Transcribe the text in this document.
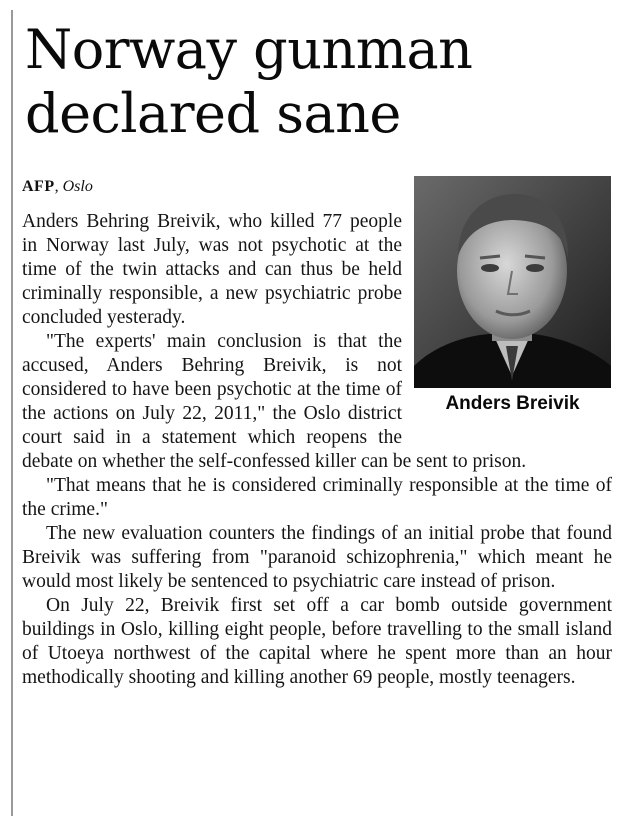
Norway gunman declared sane
AFP, Oslo
Anders Breivik

Anders Behring Breivik, who killed 77 people in Norway last July, was not psychotic at the time of the twin attacks and can thus be held criminally responsible, a new psychiatric probe concluded yesterady.

"The experts' main conclusion is that the accused, Anders Behring Breivik, is not considered to have been psychotic at the time of the actions on July 22, 2011," the Oslo district court said in a statement which reopens the debate on whether the self-confessed killer can be sent to prison.

"That means that he is considered criminally responsible at the time of the crime."

The new evaluation counters the findings of an initial probe that found Breivik was suffering from "paranoid schizophrenia," which meant he would most likely be sentenced to psychiatric care instead of prison.

On July 22, Breivik first set off a car bomb outside government buildings in Oslo, killing eight people, before travelling to the small island of Utoeya northwest of the capital where he spent more than an hour methodically shooting and killing another 69 people, mostly teenagers.
